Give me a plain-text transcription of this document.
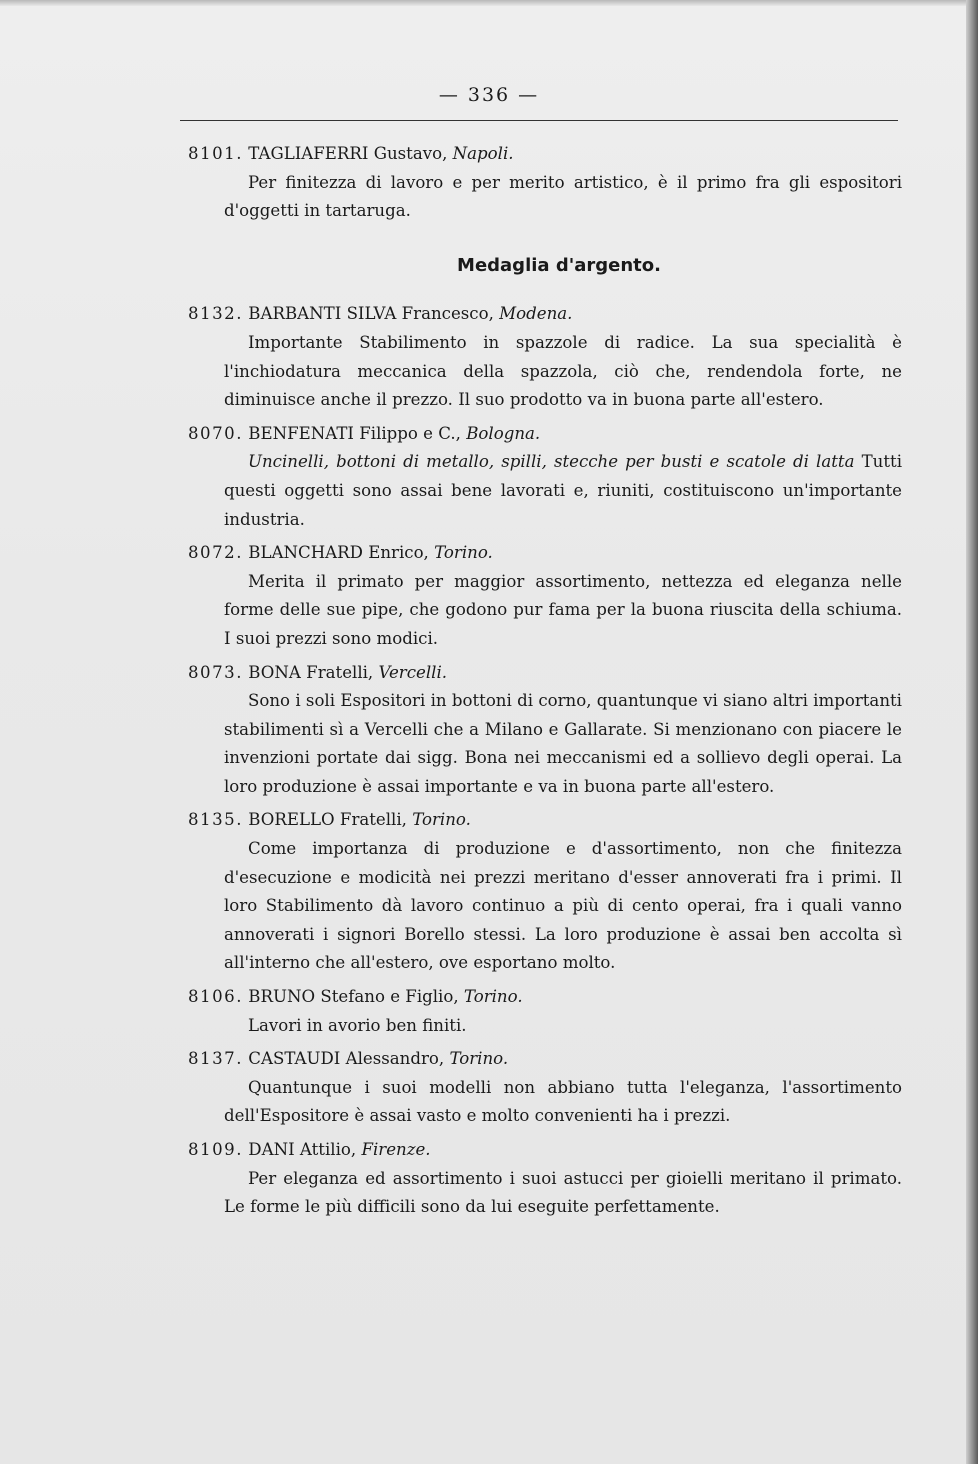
— 336 —

8101. TAGLIAFERRI Gustavo, Napoli.

Per finitezza di lavoro e per merito artistico, è il primo fra gli espositori d'oggetti in tartaruga.

Medaglia d'argento.

8132. BARBANTI SILVA Francesco, Modena.

Importante Stabilimento in spazzole di radice. La sua specialità è l'inchiodatura meccanica della spazzola, ciò che, rendendola forte, ne diminuisce anche il prezzo. Il suo prodotto va in buona parte all'estero.

8070. BENFENATI Filippo e C., Bologna.

Uncinelli, bottoni di metallo, spilli, stecche per busti e scatole di latta Tutti questi oggetti sono assai bene lavorati e, riuniti, costituiscono un'importante industria.

8072. BLANCHARD Enrico, Torino.

Merita il primato per maggior assortimento, nettezza ed eleganza nelle forme delle sue pipe, che godono pur fama per la buona riuscita della schiuma. I suoi prezzi sono modici.

8073. BONA Fratelli, Vercelli.

Sono i soli Espositori in bottoni di corno, quantunque vi siano altri importanti stabilimenti sì a Vercelli che a Milano e Gallarate. Si menzionano con piacere le invenzioni portate dai sigg. Bona nei meccanismi ed a sollievo degli operai. La loro produzione è assai importante e va in buona parte all'estero.

8135. BORELLO Fratelli, Torino.

Come importanza di produzione e d'assortimento, non che finitezza d'esecuzione e modicità nei prezzi meritano d'esser annoverati fra i primi. Il loro Stabilimento dà lavoro continuo a più di cento operai, fra i quali vanno annoverati i signori Borello stessi. La loro produzione è assai ben accolta sì all'interno che all'estero, ove esportano molto.

8106. BRUNO Stefano e Figlio, Torino.

Lavori in avorio ben finiti.

8137. CASTAUDI Alessandro, Torino.

Quantunque i suoi modelli non abbiano tutta l'eleganza, l'assortimento dell'Espositore è assai vasto e molto convenienti ha i prezzi.

8109. DANI Attilio, Firenze.

Per eleganza ed assortimento i suoi astucci per gioielli meritano il primato. Le forme le più difficili sono da lui eseguite perfettamente.
